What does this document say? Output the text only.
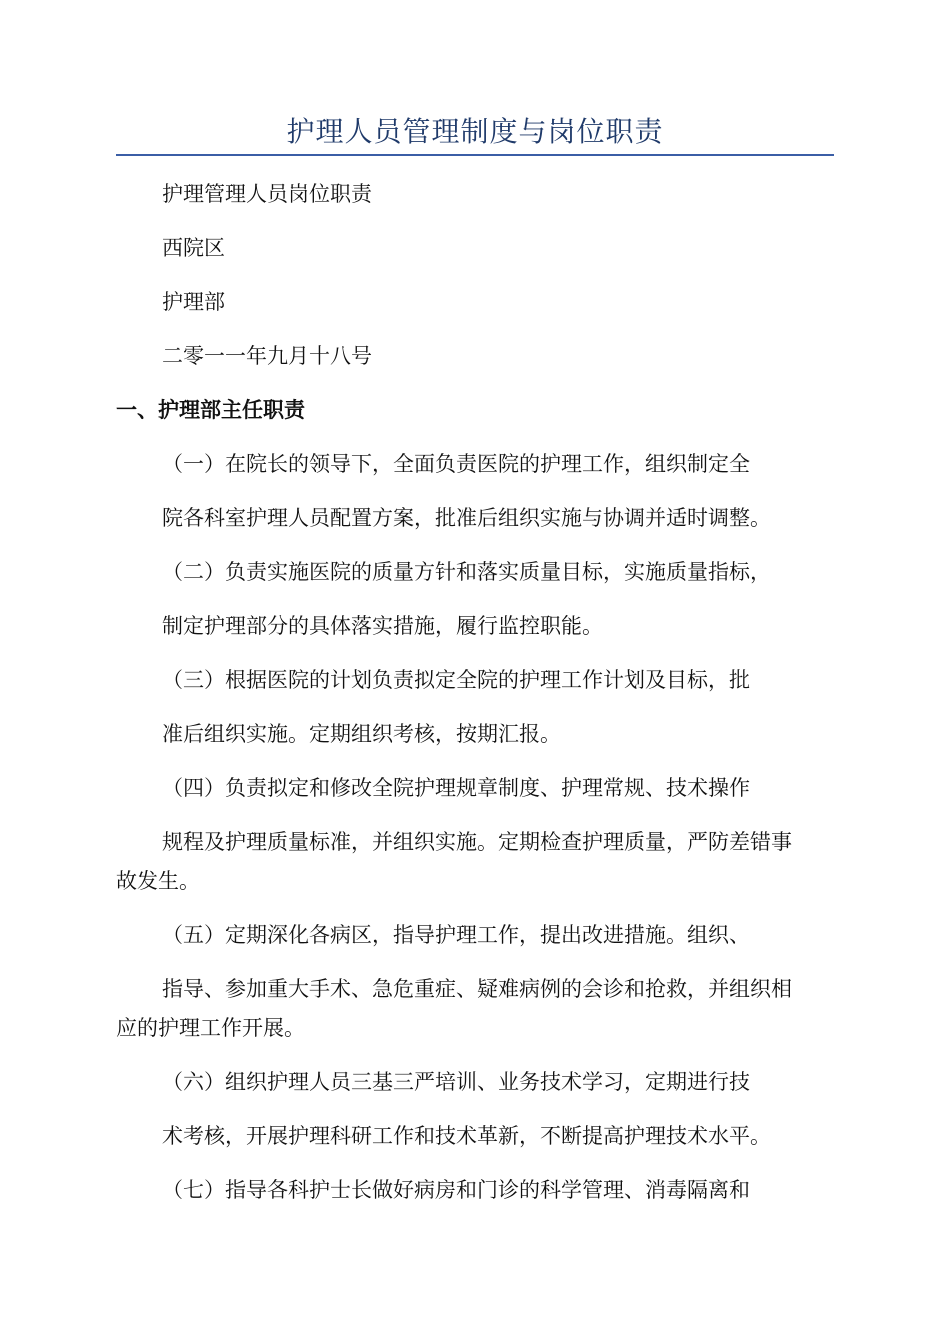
护理人员管理制度与岗位职责
护理管理人员岗位职责
西院区
护理部
二零一一年九月十八号
一、护理部主任职责
（一）在院长的领导下，全面负责医院的护理工作，组织制定全
院各科室护理人员配置方案，批准后组织实施与协调并适时调整。
（二）负责实施医院的质量方针和落实质量目标，实施质量指标，
制定护理部分的具体落实措施，履行监控职能。
（三）根据医院的计划负责拟定全院的护理工作计划及目标，批
准后组织实施。定期组织考核，按期汇报。
（四）负责拟定和修改全院护理规章制度、护理常规、技术操作
规程及护理质量标准，并组织实施。定期检查护理质量，严防差错事
故发生。
（五）定期深化各病区，指导护理工作，提出改进措施。组织、
指导、参加重大手术、急危重症、疑难病例的会诊和抢救，并组织相
应的护理工作开展。
（六）组织护理人员三基三严培训、业务技术学习，定期进行技
术考核，开展护理科研工作和技术革新，不断提高护理技术水平。
（七）指导各科护士长做好病房和门诊的科学管理、消毒隔离和
